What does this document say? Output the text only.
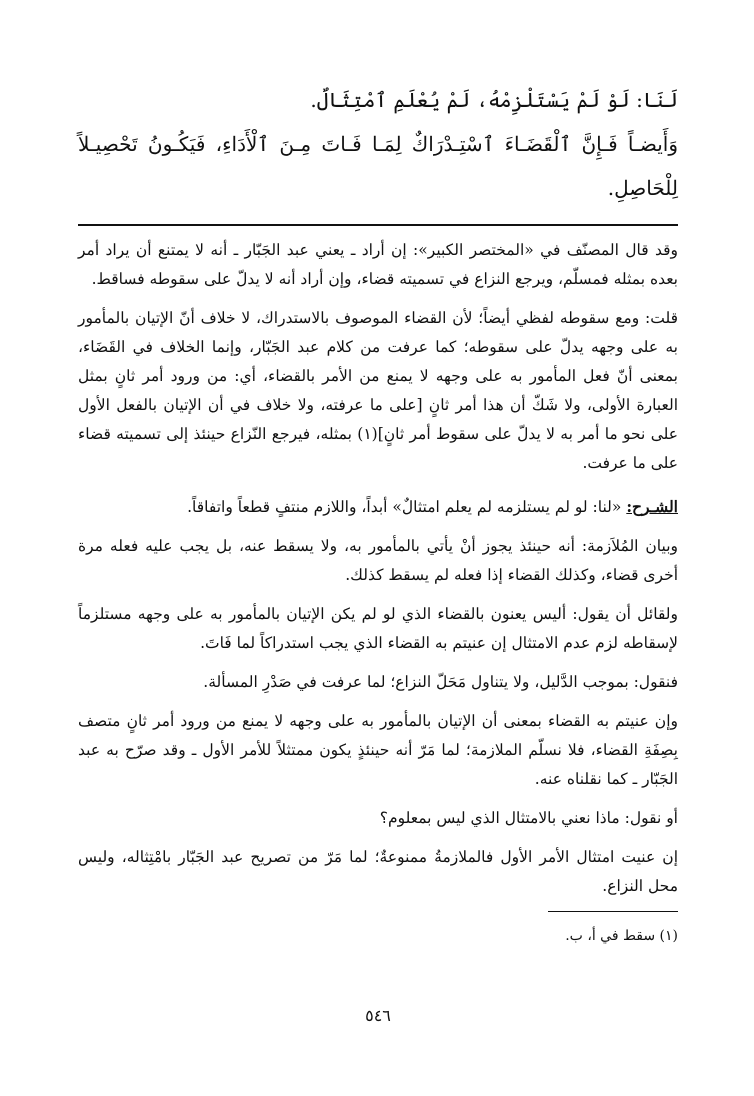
لَنَا: لَوْ لَمْ يَسْتَلْزِمْهُ، لَمْ يُعْلَمِ ٱمْتِثَالٌ.

وَأَيضـاً فَـإِنَّ ٱلْقَضَـاءَ ٱسْتِـدْرَاكٌ لِمَـا فَـاتَ مِـنَ ٱلْأَدَاءِ، فَيَكُـونُ تَحْصِيـلاً لِلْحَاصِلِ.

وقد قال المصنّف في «المختصر الكبير»: إن أراد ـ يعني عبد الجَبّار ـ أنه لا يمتنع أن يراد أمر بعده بمثله فمسلّم، ويرجع النزاع في تسميته قضاء، وإن أراد أنه لا يدلّ على سقوطه فساقط.

قلت: ومع سقوطه لفظي أيضاً؛ لأن القضاء الموصوف بالاستدراك، لا خلاف أنّ الإتيان بالمأمور به على وجهه يدلّ على سقوطه؛ كما عرفت من كلام عبد الجَبّار، وإنما الخلاف في القَضَاء، بمعنى أنّ فعل المأمور به على وجهه لا يمنع من الأمر بالقضاء، أي: من ورود أمر ثانٍ بمثل العبارة الأولى، ولا شَكّ أن هذا أمر ثانٍ [على ما عرفته، ولا خلاف في أن الإتيان بالفعل الأول على نحو ما أمر به لا يدلّ على سقوط أمر ثانٍ](١) بمثله، فيرجع النّزاع حينئذ إلى تسميته قضاء على ما عرفت.

الشـرح: «لنا: لو لم يستلزمه لم يعلم امتثالٌ» أبداً، واللازم منتفٍ قطعاً واتفاقاً.

وبيان المُلاَزمة: أنه حينئذ يجوز أنْ يأتي بالمأمور به، ولا يسقط عنه، بل يجب عليه فعله مرة أخرى قضاء، وكذلك القضاء إذا فعله لم يسقط كذلك.

ولقائل أن يقول: أليس يعنون بالقضاء الذي لو لم يكن الإتيان بالمأمور به على وجهه مستلزماً لإسقاطه لزم عدم الامتثال إن عنيتم به القضاء الذي يجب استدراكاً لما فَاتَ.

فنقول: بموجب الدَّليل، ولا يتناول مَحَلّ النزاع؛ لما عرفت في صَدْرِ المسألة.

وإن عنيتم به القضاء بمعنى أن الإتيان بالمأمور به على وجهه لا يمنع من ورود أمر ثانٍ متصف بِصِفَةِ القضاء، فلا نسلّم الملازمة؛ لما مَرّ أنه حينئذٍ يكون ممتثلاً للأمر الأول ـ وقد صرّح به عبد الجَبّار ـ كما نقلناه عنه.

أو نقول: ماذا نعني بالامتثال الذي ليس بمعلوم؟

إن عنيت امتثال الأمر الأول فالملازمةُ ممنوعةٌ؛ لما مَرّ من تصريح عبد الجَبّار بامْتِثاله، وليس محل النزاع.

(١) سقط في أ، ب.

٥٤٦
